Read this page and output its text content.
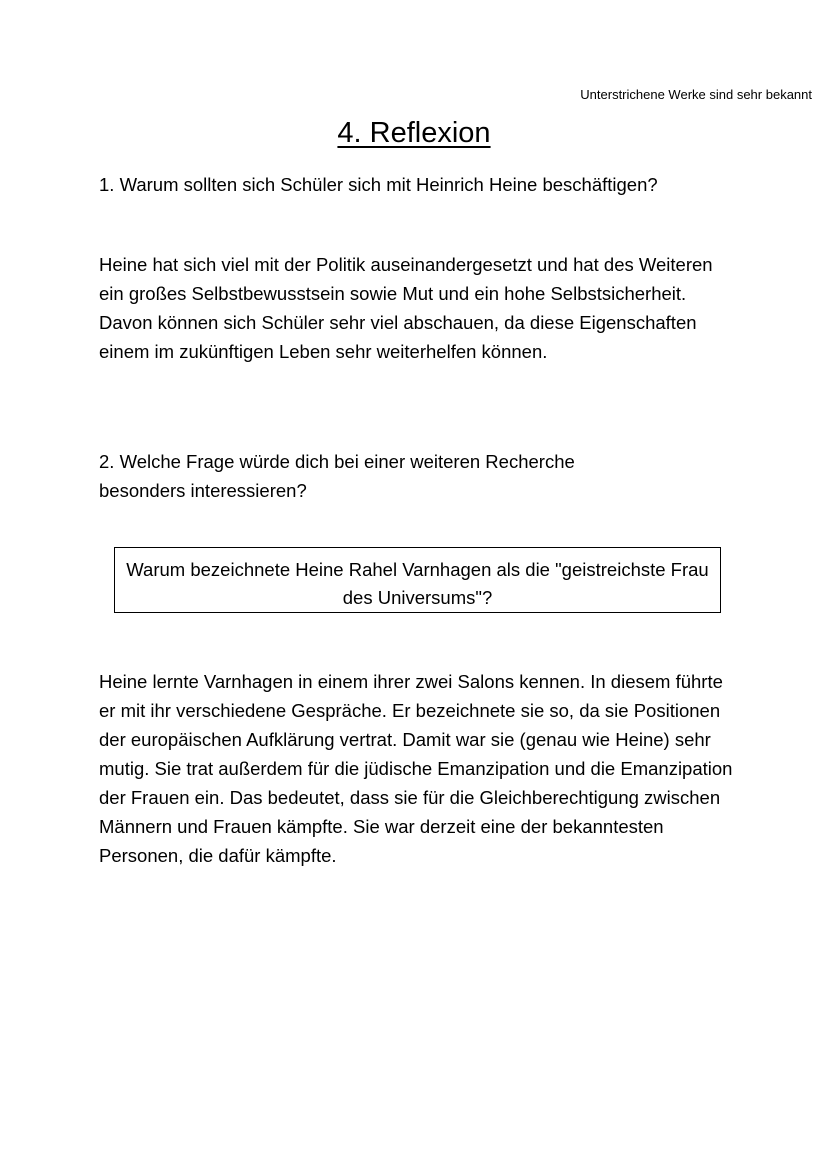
Unterstrichene Werke sind sehr bekannt
4. Reflexion

1. Warum sollten sich Schüler sich mit Heinrich Heine beschäftigen?

Heine hat sich viel mit der Politik auseinandergesetzt und hat des Weiteren ein großes Selbstbewusstsein sowie Mut und ein hohe Selbstsicherheit. Davon können sich Schüler sehr viel abschauen, da diese Eigenschaften einem im zukünftigen Leben sehr weiterhelfen können.

2. Welche Frage würde dich bei einer weiteren Recherche besonders interessieren?

Warum bezeichnete Heine Rahel Varnhagen als die "geistreichste Frau des Universums"?

Heine lernte Varnhagen in einem ihrer zwei Salons kennen. In diesem führte er mit ihr verschiedene Gespräche. Er bezeichnete sie so, da sie Positionen der europäischen Aufklärung vertrat. Damit war sie (genau wie Heine) sehr mutig. Sie trat außerdem für die jüdische Emanzipation und die Emanzipation der Frauen ein. Das bedeutet, dass sie für die Gleichberechtigung zwischen Männern und Frauen kämpfte. Sie war derzeit eine der bekanntesten Personen, die dafür kämpfte.
